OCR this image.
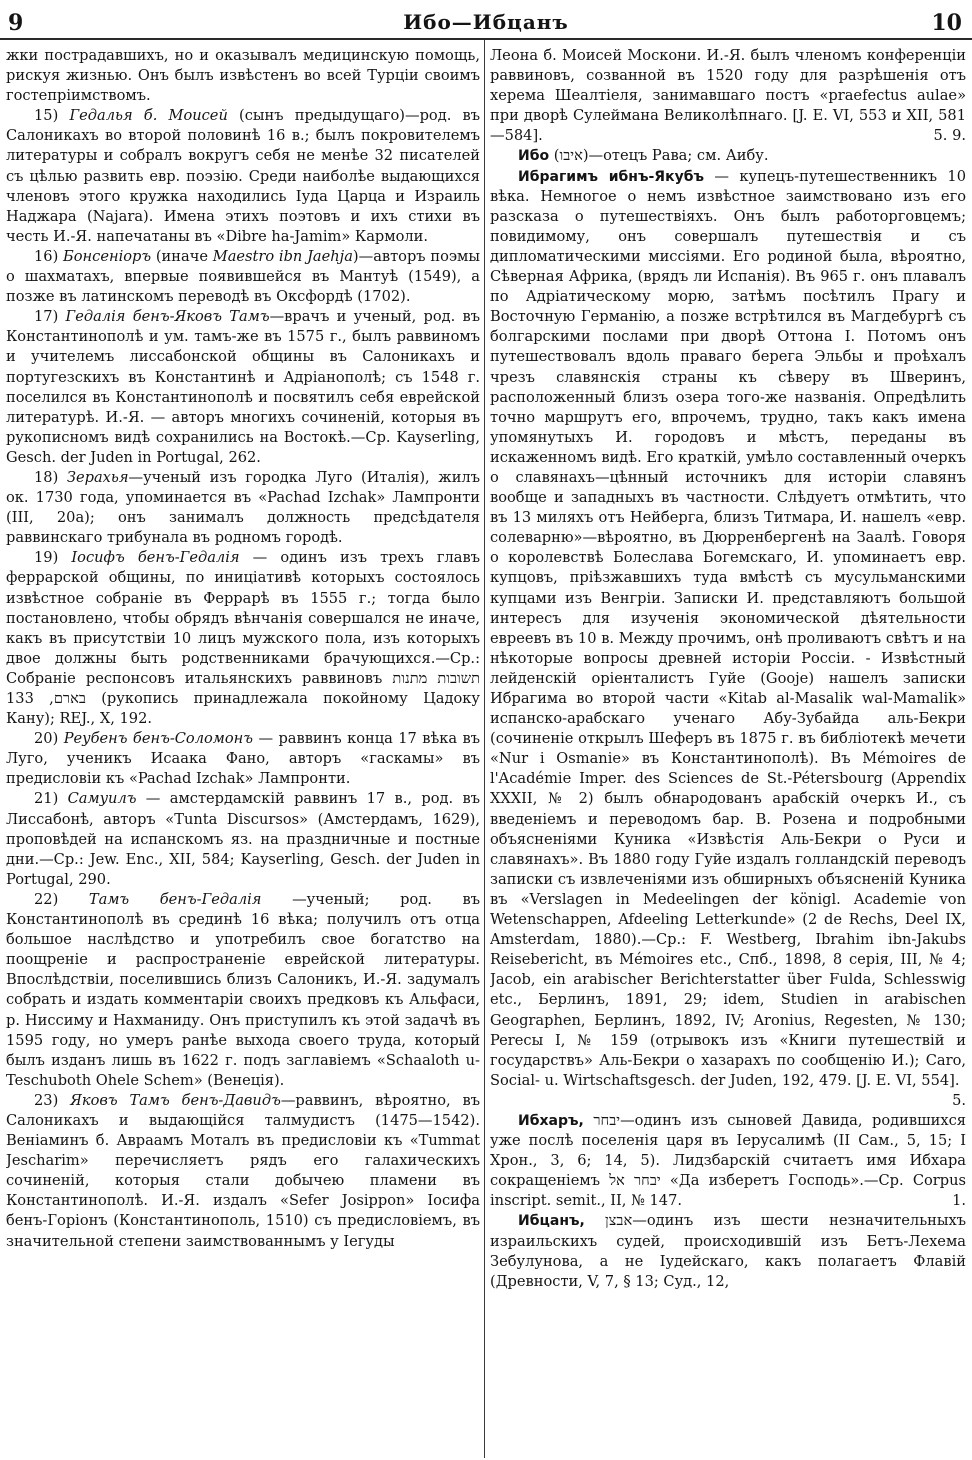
9	Ибо—Ибцанъ	10

жки пострадавшихъ, но и оказывалъ медицинскую помощь, рискуя жизнью. Онъ былъ извѣстенъ во всей Турціи своимъ гостепріимствомъ.

15) Гедалья б. Моисей (сынъ предыдущаго)—род. въ Салоникахъ во второй половинѣ 16 в.; былъ покровителемъ литературы и собралъ вокругъ себя не менѣе 32 писателей съ цѣлью развить евр. поэзію. Среди наиболѣе выдающихся членовъ этого кружка находились Іуда Царца и Израиль Наджара (Najara). Имена этихъ поэтовъ и ихъ стихи въ честь И.-Я. напечатаны въ «Dibre ha-Jamim» Кармоли.

16) Бонсеніоръ (иначе Maestro ibn Jaehja)—авторъ поэмы о шахматахъ, впервые появившейся въ Мантуѣ (1549), а позже въ латинскомъ переводѣ въ Оксфордѣ (1702).

17) Гедалія бенъ-Яковъ Тамъ—врачъ и ученый, род. въ Константинополѣ и ум. тамъ-же въ 1575 г., былъ раввиномъ и учителемъ лиссабонской общины въ Салоникахъ и португезскихъ въ Константинѣ и Адріанополѣ; съ 1548 г. поселился въ Константинополѣ и посвятилъ себя еврейской литературѣ. И.-Я. — авторъ многихъ сочиненій, которыя въ рукописномъ видѣ сохранились на Востокѣ.—Ср. Kayserling, Gesch. der Juden in Portugal, 262.

18) Зерахья—ученый изъ городка Луго (Италія), жилъ ок. 1730 года, упоминается въ «Pachad Izchak» Лампронти (III, 20а); онъ занималъ должность предсѣдателя раввинскаго трибунала въ родномъ городѣ.

19) Іосифъ бенъ-Гедалія — одинъ изъ трехъ главъ феррарской общины, по иниціативѣ которыхъ состоялось извѣстное собраніе въ Феррарѣ въ 1555 г.; тогда было постановлено, чтобы обрядъ вѣнчанія совершался не иначе, какъ въ присутствіи 10 лицъ мужского пола, изъ которыхъ двое должны быть родственниками брачующихся.—Ср.: Собраніе респонсовъ итальянскихъ раввиновъ תשובות מתנות בארם, 133 (рукопись принадлежала покойному Цадоку Кану); REJ., X, 192.

20) Реубенъ бенъ-Соломонъ — раввинъ конца 17 вѣка въ Луго, ученикъ Исаака Фано, авторъ «гаскамы» въ предисловіи къ «Pachad Izchak» Лампронти.

21) Самуилъ — амстердамскій раввинъ 17 в., род. въ Лиссабонѣ, авторъ «Tunta Discursos» (Амстердамъ, 1629), проповѣдей на испанскомъ яз. на праздничные и постные дни.—Ср.: Jew. Enc., XII, 584; Kayserling, Gesch. der Juden in Portugal, 290.

22) Тамъ бенъ-Гедалія —ученый; род. въ Константинополѣ въ срединѣ 16 вѣка; получилъ отъ отца большое наслѣдство и употребилъ свое богатство на поощреніе и распространеніе еврейской литературы. Впослѣдствіи, поселившись близъ Салоникъ, И.-Я. задумалъ собрать и издать комментаріи своихъ предковъ къ Альфаси, р. Ниссиму и Нахманиду. Онъ приступилъ къ этой задачѣ въ 1595 году, но умеръ ранѣе выхода своего труда, который былъ изданъ лишь въ 1622 г. подъ заглавіемъ «Schaaloth u-Teschuboth Ohele Schem» (Венеція).

23) Яковъ Тамъ бенъ-Давидъ—раввинъ, вѣроятно, въ Салоникахъ и выдающійся талмудистъ (1475—1542). Веніаминъ б. Авраамъ Моталъ въ предисловіи къ «Tummat Jescharim» перечисляетъ рядъ его галахическихъ сочиненій, которыя стали добычею пламени въ Константинополѣ. И.-Я. издалъ «Sefer Josippon» Іосифа бенъ-Горіонъ (Константинополь, 1510) съ предисловіемъ, въ значительной степени заимствованнымъ у Іегуды

Леона б. Моисей Москони. И.-Я. былъ членомъ конференціи раввиновъ, созванной въ 1520 году для разрѣшенія отъ херема Шеалтіеля, занимавшаго постъ «praefectus aulae» при дворѣ Сулеймана Великолѣпнаго. [J. E. VI, 553 и XII, 581—584].	5. 9.

Ибо (איבו)—отецъ Рава; см. Аибу.

Ибрагимъ ибнъ-Якубъ — купецъ-путешественникъ 10 вѣка. Немногое о немъ извѣстное заимствовано изъ его разсказа о путешествіяхъ. Онъ былъ работорговцемъ; повидимому, онъ совершалъ путешествія и съ дипломатическими миссіями. Его родиной была, вѣроятно, Сѣверная Африка, (врядъ ли Испанія). Въ 965 г. онъ плавалъ по Адріатическому морю, затѣмъ посѣтилъ Прагу и Восточную Германію, а позже встрѣтился въ Магдебургѣ съ болгарскими послами при дворѣ Оттона I. Потомъ онъ путешествовалъ вдоль праваго берега Эльбы и проѣхалъ чрезъ славянскія страны къ сѣверу въ Шверинъ, расположенный близъ озера того-же названія. Опредѣлить точно маршрутъ его, впрочемъ, трудно, такъ какъ имена упомянутыхъ И. городовъ и мѣстъ, переданы въ искаженномъ видѣ. Его краткій, умѣло составленный очеркъ о славянахъ—цѣнный источникъ для исторіи славянъ вообще и западныхъ въ частности. Слѣдуетъ отмѣтить, что въ 13 миляхъ отъ Нейберга, близъ Титмара, И. нашелъ «евр. солеварню»—вѣроятно, въ Дюрренбергенѣ на Заалѣ. Говоря о королевствѣ Болеслава Богемскаго, И. упоминаетъ евр. купцовъ, пріѣзжавшихъ туда вмѣстѣ съ мусульманскими купцами изъ Венгріи. Записки И. представляютъ большой интересъ для изученія экономической дѣятельности евреевъ въ 10 в. Между прочимъ, онѣ проливаютъ свѣтъ и на нѣкоторые вопросы древней исторіи Россіи. - Извѣстный лейденскій оріенталистъ Гуйе (Gooje) нашелъ записки Ибрагима во второй части «Kitab al-Masalik wal-Mamalik» испанско-арабскаго ученаго Абу-Зубайда аль-Бекри (сочиненіе открылъ Шеферъ въ 1875 г. въ библіотекѣ мечети «Nur i Osmanie» въ Константинополѣ). Въ Mémoires de l'Académie Imper. des Sciences de St.-Pétersbourg (Appendix XXXII, № 2) былъ обнародованъ арабскій очеркъ И., съ введеніемъ и переводомъ бар. В. Розена и подробными объясненіями Куника «Извѣстія Аль-Бекри о Руси и славянахъ». Въ 1880 году Гуйе издалъ голландскій переводъ записки съ извлеченіями изъ обширныхъ объясненій Куника въ «Verslagen in Medeelingen der königl. Academie von Wetenschappen, Afdeeling Letterkunde» (2 de Rechs, Deel IX, Amsterdam, 1880).—Ср.: F. Westberg, Ibrahim ibn-Jakubs Reisebericht, въ Mémoires etc., Спб., 1898, 8 серія, III, № 4; Jacob, ein arabischer Berichterstatter über Fulda, Schlesswig etc., Берлинъ, 1891, 29; idem, Studien in arabischen Geographen, Берлинъ, 1892, IV; Aronius, Regesten, № 130; Perecы I, № 159 (отрывокъ изъ «Книги путешествій и государствъ» Аль-Бекри о хазарахъ по сообщенію И.); Caro, Social- u. Wirtschaftsgesch. der Juden, 192, 479. [J. E. VI, 554].
5.

Ибхаръ, יבחר—одинъ изъ сыновей Давида, родившихся уже послѣ поселенія царя въ Іерусалимѣ (II Сам., 5, 15; I Хрон., 3, 6; 14, 5). Лидзбарскій считаетъ имя Ибхара сокращеніемъ יבחר אל «Да изберетъ Господь».—Ср. Corpus inscript. semit., II, № 147.	1.

Ибцанъ, אבצן—одинъ изъ шести незначительныхъ израильскихъ судей, происходившій изъ Бетъ-Лехема Зебулунова, а не Іудейскаго, какъ полагаетъ Флавій (Древности, V, 7, § 13; Суд., 12,
